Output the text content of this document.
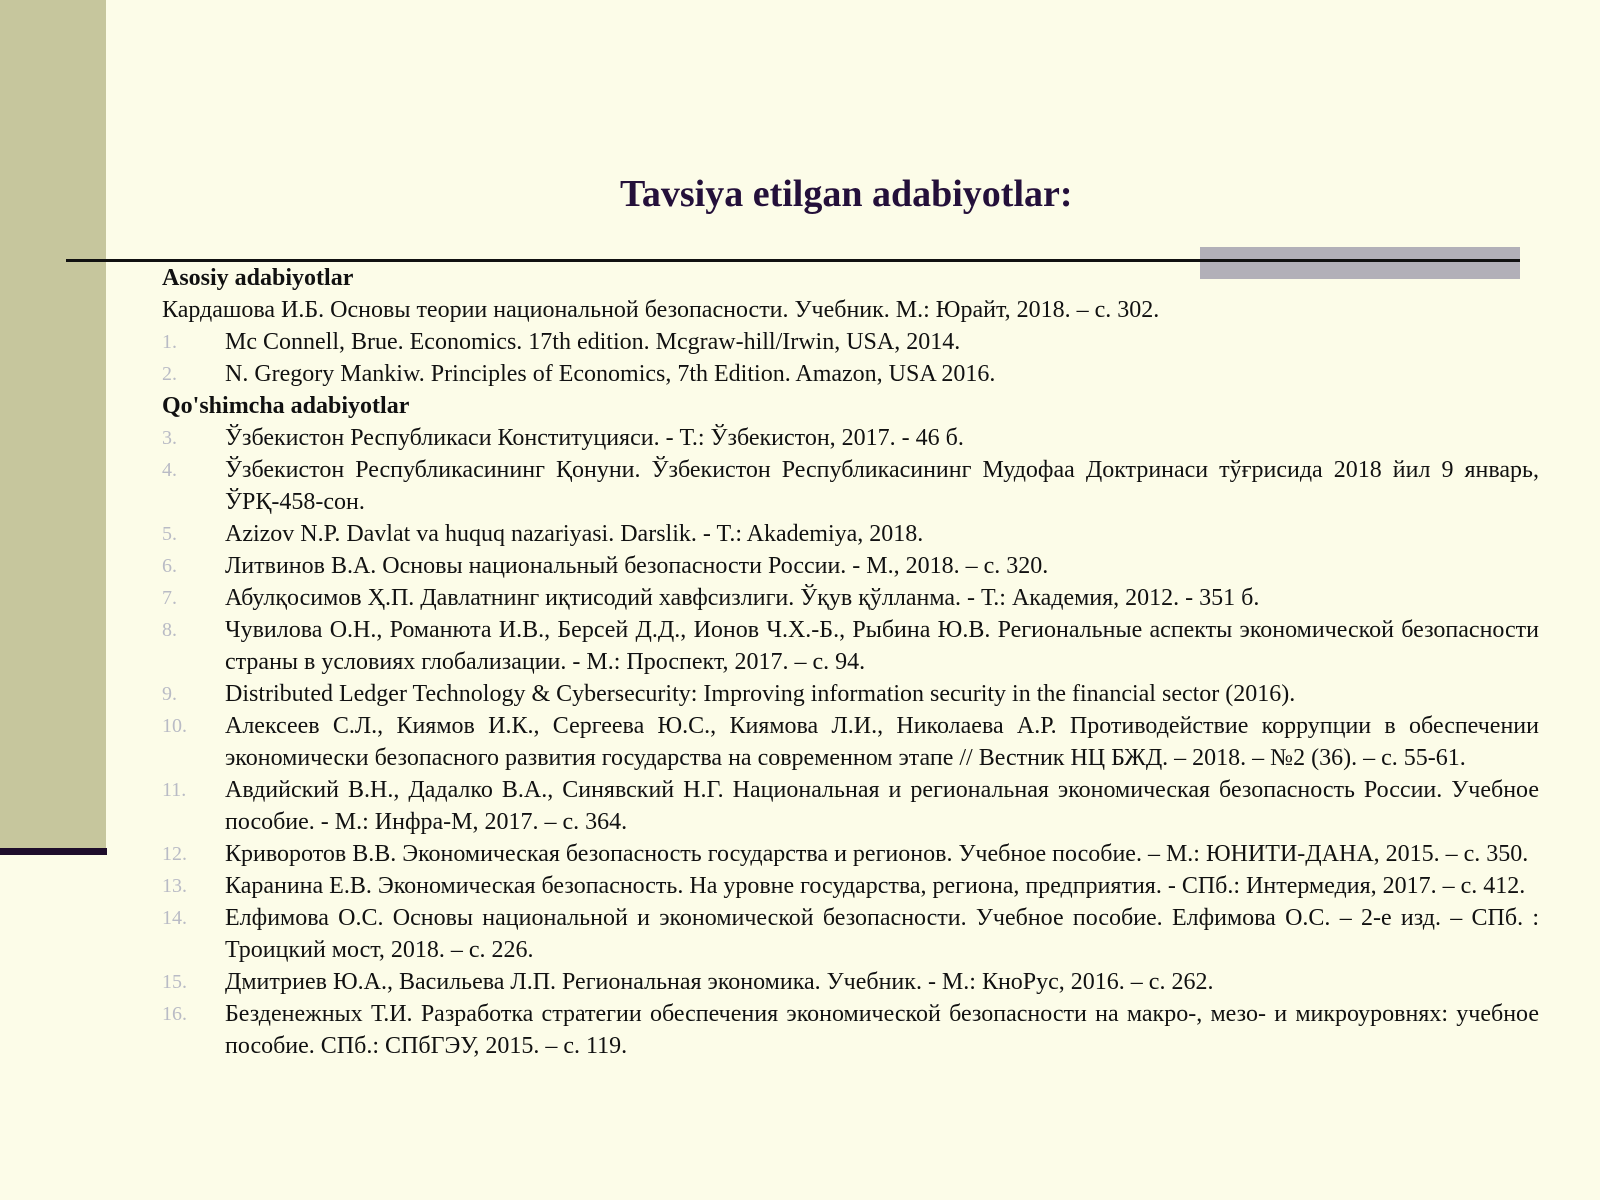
Tavsiya etilgan adabiyotlar:
Asosiy adabiyotlar
Кардашова И.Б. Основы теории национальной безопасности. Учебник. М.: Юрайт, 2018. – с. 302.
1.	Mc Connell, Brue. Economics. 17th edition. Mcgraw-hill/Irwin, USA, 2014.
2.	N. Gregory Mankiw. Principles of Economics, 7th Edition. Amazon, USA 2016.
Qo'shimcha adabiyotlar
3.	Ўзбекистон Республикаси Конституцияси. - Т.: Ўзбекистон, 2017. - 46 б.
4.	Ўзбекистон Республикасининг Қонуни. Ўзбекистон Республикасининг Мудофаа Доктринаси тўғрисида 2018 йил 9 январь, ЎРҚ-458-сон.
5.	Azizov N.P. Davlat va huquq nazariyasi. Darslik. - T.: Akademiya, 2018.
6.	Литвинов В.А. Основы национальный безопасности России. - М., 2018. – с. 320.
7.	Абулқосимов Ҳ.П. Давлатнинг иқтисодий хавфсизлиги. Ўқув қўлланма. - Т.: Академия, 2012. - 351 б.
8.	Чувилова О.Н., Романюта И.В., Берсей Д.Д., Ионов Ч.Х.-Б., Рыбина Ю.В. Региональные аспекты экономической безопасности страны в условиях глобализации. - М.: Проспект, 2017. – с. 94.
9.	Distributed Ledger Technology & Cybersecurity: Improving information security in the financial sector (2016).
10.	Алексеев С.Л., Киямов И.К., Сергеева Ю.С., Киямова Л.И., Николаева А.Р. Противодействие коррупции в обеспечении экономически безопасного развития государства на современном этапе // Вестник НЦ БЖД. – 2018. – №2 (36). – с. 55-61.
11.	Авдийский В.Н., Дадалко В.А., Синявский Н.Г. Национальная и региональная экономическая безопасность России. Учебное пособие. - М.: Инфра-М, 2017. – с. 364.
12.	Криворотов В.В. Экономическая безопасность государства и регионов. Учебное пособие. – М.: ЮНИТИ-ДАНА, 2015. – с. 350.
13.	Каранина Е.В. Экономическая безопасность. На уровне государства, региона, предприятия. - СПб.: Интермедия, 2017. – с. 412.
14.	Елфимова О.С. Основы национальной и экономической безопасности. Учебное пособие. Елфимова О.С. – 2-е изд. – СПб. : Троицкий мост, 2018. – с. 226.
15.	Дмитриев Ю.А., Васильева Л.П. Региональная экономика. Учебник. - М.: КноРус, 2016. – с. 262.
16.	Безденежных Т.И. Разработка стратегии обеспечения экономической безопасности на макро-, мезо- и микроуровнях: учебное пособие. СПб.: СПбГЭУ, 2015. – с. 119.
